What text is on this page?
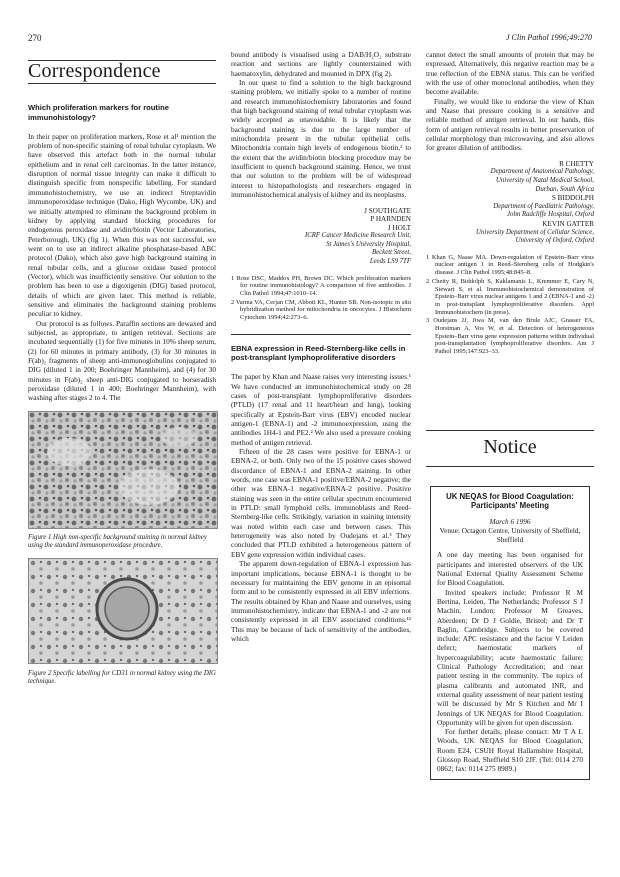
270	J Clin Pathol 1996;49:270
Correspondence
Which proliferation markers for routine immunohistology?

In their paper on proliferation markers, Rose et al¹ mention the problem of non-specific staining of renal tubular cytoplasm. We have observed this artefact both in the normal tubular epithelium and in renal cell carcinomas. In the latter instance, disruption of normal tissue integrity can make it difficult to distinguish specific from nonspecific labelling. For standard immunohistochemistry, we use an indirect Streptavidin immunoperoxidase technique (Dako, High Wycombe, UK) and we initially attempted to eliminate the background problem in kidney by applying standard blocking procedures for endogenous peroxidase and avidin/biotin (Vector Laboratories, Peterborough, UK) (fig 1). When this was not successful, we went on to use an indirect alkaline phosphatase-based ABC protocol (Dako), which also gave high background staining in renal tubular cells, and a glucose oxidase based protocol (Vector), which was insufficiently sensitive. Our solution to the problem has been to use a digoxigenin (DIG) based protocol, details of which are given later. This method is reliable, sensitive and eliminates the background staining problems peculiar to kidney.

Our protocol is as follows. Paraffin sections are dewaxed and subjected, as appropriate, to antigen retrieval. Sections are incubated sequentially (1) for five minutes in 10% sheep serum, (2) for 60 minutes in primary antibody, (3) for 30 minutes in F(ab)₂ fragments of sheep anti-immunoglobulins conjugated to DIG (diluted 1 in 200; Boehringer Mannheim), and (4) for 30 minutes in F(ab)₂ sheep anti-DIG conjugated to horseradish peroxidase (diluted 1 in 400; Boehringer Mannheim), with washing after stages 2 to 4. The

Figure 1 High non-specific background staining in normal kidney using the standard immunoperoxidase procedure.
Figure 2 Specific labelling for CD31 in normal kidney using the DIG technique.

bound antibody is visualised using a DAB/H₂O₂ substrate reaction and sections are lightly counterstained with haematoxylin, dehydrated and mounted in DPX (fig 2).

In our quest to find a solution to the high background staining problem, we initially spoke to a number of routine and research immunohistochemistry laboratories and found that high background staining of renal tubular cytoplasm was widely accepted as unavoidable. It is likely that the background staining is due to the large number of mitochondria present in the tubular epithelial cells. Mitochondria contain high levels of endogenous biotin,² to the extent that the avidin/biotin blocking procedure may be insufficient to quench background staining. Hence, we trust that our solution to the problem will be of widespread interest to histopathologists and researchers engaged in immunohistochemical analysis of kidney and its neoplasms.

J SOUTHGATE
P HARNDEN
J HOLT
ICRF Cancer Medicine Research Unit,
St James's University Hospital,
Beckett Street,
Leeds LS9 7TF
1 Rose DSC, Maddox PH, Brown DC. Which proliferation markers for routine immunohistology? A comparison of five antibodies. J Clin Pathol 1994;47:1010–14.
2 Varma VA, Cerjan CM, Abbott KL, Hunter SB. Non-isotopic in situ hybridization method for mitochondria in oncocytes. J Histochem Cytochem 1994;42:273–6.
EBNA expression in Reed-Sternberg-like cells in post-transplant lymphoproliferative disorders

The paper by Khan and Naase raises very interesting issues.¹ We have conducted an immunohistochemical study on 28 cases of post-transplant lymphoproliferative disorders (PTLD) (17 renal and 11 heart/heart and lung), looking specifically at Epstein-Barr virus (EBV) encoded nuclear antigen-1 (EBNA-1) and -2 immunoexpression, using the antibodies 1H4-1 and PE2.² We also used a pressure cooking method of antigen retrieval.

Fifteen of the 28 cases were positive for EBNA-1 or EBNA-2, or both. Only two of the 15 positive cases showed discordance of EBNA-1 and EBNA-2 staining. In other words, one case was EBNA-1 positive/EBNA-2 negative; the other was EBNA-1 negative/EBNA-2 positive. Positive staining was seen in the entire cellular spectrum encountered in PTLD: small lymphoid cells, immunoblasts and Reed-Sternberg-like cells. Strikingly, variation in staining intensity was noted within each case and between cases. This heterogeneity was also noted by Oudejans et al.³ They concluded that PTLD exhibited a heterogeneous pattern of EBV gene expression within individual cases.

The apparent down-regulation of EBNA-1 expression has important implications, because EBNA-1 is thought to be necessary for maintaining the EBV genome in an episomal form and to be consistently expressed in all EBV infections. The results obtained by Khan and Naase and ourselves, using immunohistochemistry, indicate that EBNA-1 and -2 are not consistently expressed in all EBV associated conditions.¹² This may be because of lack of sensitivity of the antibodies, which

cannot detect the small amounts of protein that may be expressed. Alternatively, this negative reaction may be a true reflection of the EBNA status. This can be verified with the use of other monoclonal antibodies, when they become available.

Finally, we would like to endorse the view of Khan and Naase that pressure cooking is a sensitive and reliable method of antigen retrieval. In our hands, this form of antigen retrieval results in better preservation of cellular morphology than microwaving, and also allows for greater dilution of antibodies.

R CHETTY
Department of Anatomical Pathology,
University of Natal Medical School,
Durban, South Africa
S BIDDOLPH
Department of Paediatric Pathology,
John Radcliffe Hospital, Oxford
KEVIN GATTER
University Department of Cellular Science,
University of Oxford, Oxford
1 Khan G, Naase MA. Down-regulation of Epstein–Barr virus nuclear antigen 1 in Reed–Sternberg cells of Hodgkin's disease. J Clin Pathol 1995;48:845–8.
2 Chetty R, Biddolph S, Kaklamanis L, Kremmer E, Cary N, Stewart S, et al. Immunohistochemical demonstration of Epstein–Barr virus nuclear antigens 1 and 2 (EBNA-1 and -2) in post-transplant lymphoproliferative disorders. Appl Immunohistochem (in press).
3 Oudejans JJ, Jiwa M, van den Brule AJC, Grasser FA, Horstman A, Vos W, et al. Detection of heterogeneous Epstein–Barr virus gene expression patterns within individual post-transplantation lymphoproliferative disorders. Am J Pathol 1995;147:923–33.
Notice
UK NEQAS for Blood Coagulation: Participants' Meeting
March 6 1996
Venue: Octagon Centre, University of Sheffield, Sheffield

A one day meeting has been organised for participants and interested observers of the UK National External Quality Assessment Scheme for Blood Coagulation.

Invited speakers include: Professor R M Bertina, Leiden, The Netherlands; Professor S J Machin, London; Professor M Greaves, Aberdeen; Dr D J Goldie, Bristol; and Dr T Baglin, Cambridge. Subjects to be covered include: APC resistance and the factor V Leiden defect; haemostatic markers of hypercoagulability; acute haemostatic failure; Clinical Pathology Accreditation; and near patient testing in the community. The topics of plasma calibrants and automated INR, and external quality assessment of near patient testing will be discussed by Mr S Kitchen and Mr I Jennings of UK NEQAS for Blood Coagulation. Opportunity will be given for open discussion.

For further details, please contact: Mr T A L Woods, UK NEQAS for Blood Coagulation, Room E24, CSUH Royal Hallamshire Hospital, Glossop Road, Sheffield S10 2JF. (Tel: 0114 270 0862; fax: 0114 275 8989.)
